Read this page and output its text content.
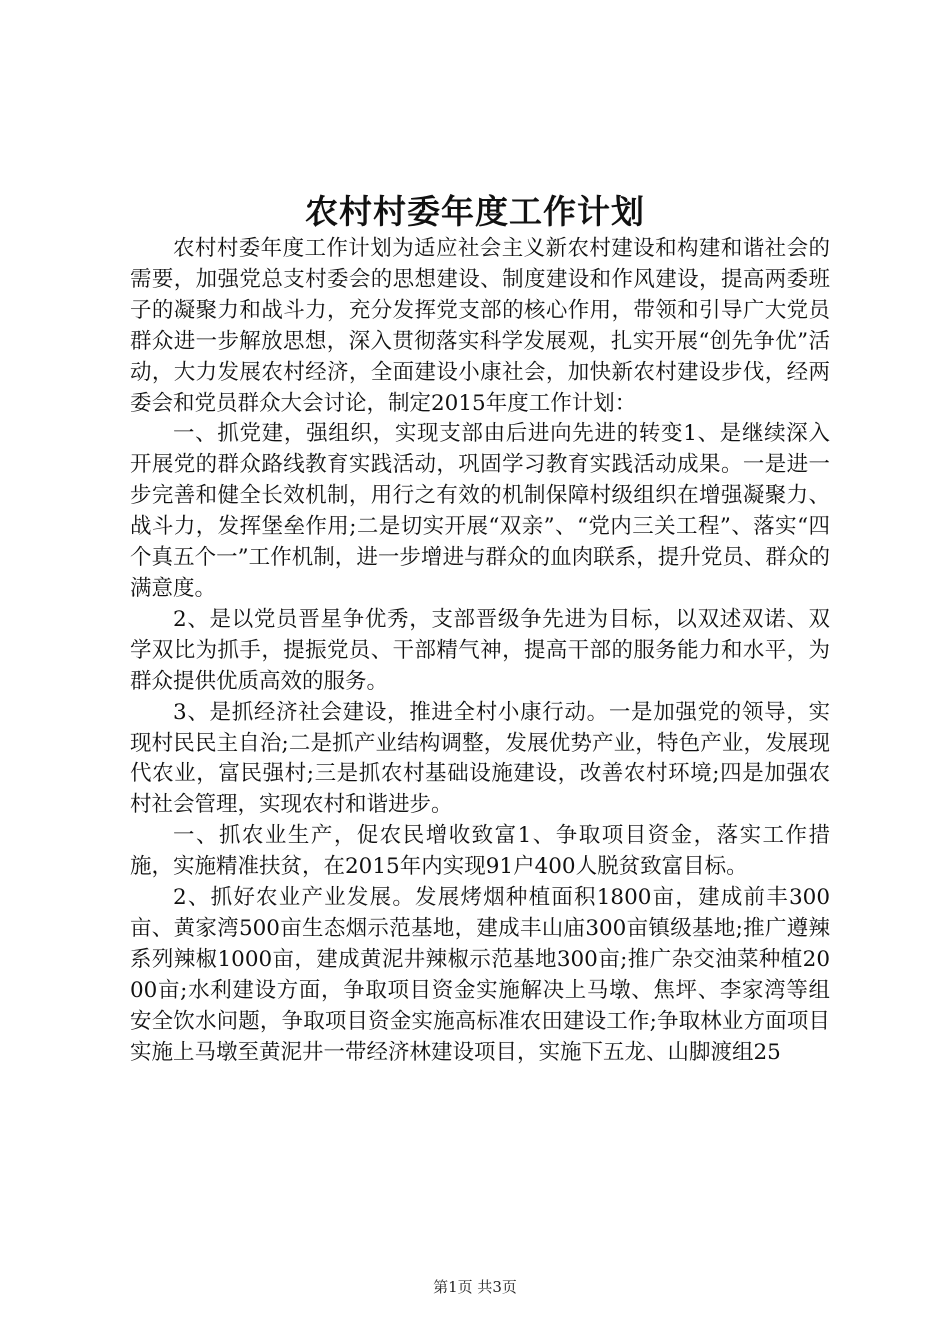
农村村委年度工作计划

农村村委年度工作计划为适应社会主义新农村建设和构建和谐社会的需要，加强党总支村委会的思想建设、制度建设和作风建设，提高两委班子的凝聚力和战斗力，充分发挥党支部的核心作用，带领和引导广大党员群众进一步解放思想，深入贯彻落实科学发展观，扎实开展“创先争优”活动，大力发展农村经济，全面建设小康社会，加快新农村建设步伐，经两委会和党员群众大会讨论，制定2015年度工作计划：

一、抓党建，强组织，实现支部由后进向先进的转变1、是继续深入开展党的群众路线教育实践活动，巩固学习教育实践活动成果。一是进一步完善和健全长效机制，用行之有效的机制保障村级组织在增强凝聚力、战斗力，发挥堡垒作用;二是切实开展“双亲”、“党内三关工程”、落实“四个真五个一”工作机制，进一步增进与群众的血肉联系，提升党员、群众的满意度。

2、是以党员晋星争优秀，支部晋级争先进为目标，以双述双诺、双学双比为抓手，提振党员、干部精气神，提高干部的服务能力和水平，为群众提供优质高效的服务。

3、是抓经济社会建设，推进全村小康行动。一是加强党的领导，实现村民民主自治;二是抓产业结构调整，发展优势产业，特色产业，发展现代农业，富民强村;三是抓农村基础设施建设，改善农村环境;四是加强农村社会管理，实现农村和谐进步。

一、抓农业生产，促农民增收致富1、争取项目资金，落实工作措施，实施精准扶贫，在2015年内实现91户400人脱贫致富目标。

2、抓好农业产业发展。发展烤烟种植面积1800亩，建成前丰300亩、黄家湾500亩生态烟示范基地，建成丰山庙300亩镇级基地;推广遵辣系列辣椒1000亩，建成黄泥井辣椒示范基地300亩;推广杂交油菜种植2000亩;水利建设方面，争取项目资金实施解决上马墩、焦坪、李家湾等组安全饮水问题，争取项目资金实施高标准农田建设工作;争取林业方面项目实施上马墩至黄泥井一带经济林建设项目，实施下五龙、山脚渡组25

第1页 共3页
